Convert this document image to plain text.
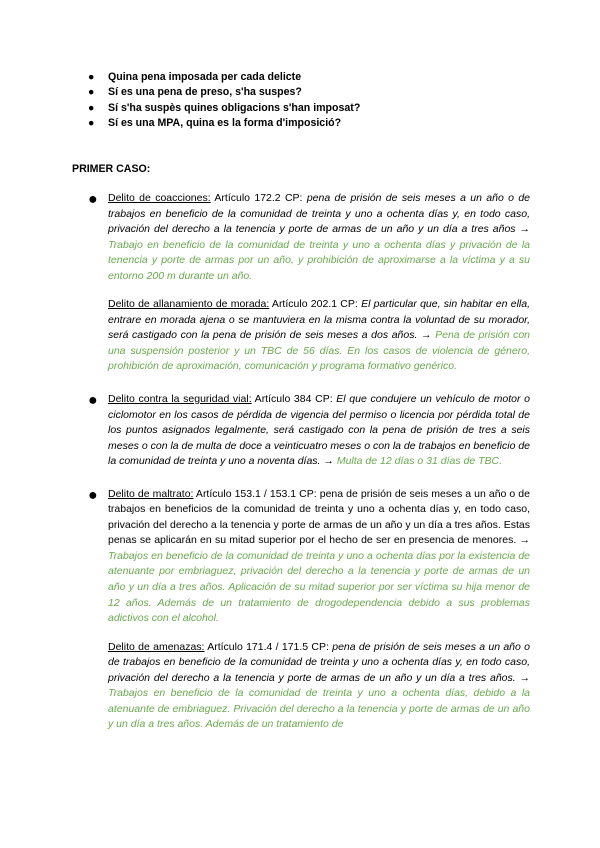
● Quina pena imposada per cada delicte
● Sí es una pena de preso, s'ha suspes?
● Sí s'ha suspès quines obligacions s'han imposat?
● Sí es una MPA, quina es la forma d'imposició?

PRIMER CASO:

● Delito de coacciones: Artículo 172.2 CP: pena de prisión de seis meses a un año o de trabajos en beneficio de la comunidad de treinta y uno a ochenta días y, en todo caso, privación del derecho a la tenencia y porte de armas de un año y un día a tres años → Trabajo en beneficio de la comunidad de treinta y uno a ochenta días y privación de la tenencia y porte de armas por un año, y prohibición de aproximarse a la víctima y a su entorno 200 m durante un año.

Delito de allanamiento de morada: Artículo 202.1 CP: El particular que, sin habitar en ella, entrare en morada ajena o se mantuviera en la misma contra la voluntad de su morador, será castigado con la pena de prisión de seis meses a dos años. → Pena de prisión con una suspensión posterior y un TBC de 56 días. En los casos de violencia de género, prohibición de aproximación, comunicación y programa formativo genérico.

● Delito contra la seguridad vial: Artículo 384 CP: El que condujere un vehículo de motor o ciclomotor en los casos de pérdida de vigencia del permiso o licencia por pérdida total de los puntos asignados legalmente, será castigado con la pena de prisión de tres a seis meses o con la de multa de doce a veinticuatro meses o con la de trabajos en beneficio de la comunidad de treinta y uno a noventa días. → Multa de 12 días o 31 días de TBC.

● Delito de maltrato: Artículo 153.1 / 153.1 CP: pena de prisión de seis meses a un año o de trabajos en beneficios de la comunidad de treinta y uno a ochenta días y, en todo caso, privación del derecho a la tenencia y porte de armas de un año y un día a tres años. Estas penas se aplicarán en su mitad superior por el hecho de ser en presencia de menores. → Trabajos en beneficio de la comunidad de treinta y uno a ochenta días por la existencia de atenuante por embriaguez, privación del derecho a la tenencia y porte de armas de un año y un día a tres años. Aplicación de su mitad superior por ser víctima su hija menor de 12 años. Además de un tratamiento de drogodependencia debido a sus problemas adictivos con el alcohol.

Delito de amenazas: Artículo 171.4 / 171.5 CP: pena de prisión de seis meses a un año o de trabajos en beneficio de la comunidad de treinta y uno a ochenta días y, en todo caso, privación del derecho a la tenencia y porte de armas de un año y un día a tres años. → Trabajos en beneficio de la comunidad de treinta y uno a ochenta días, debido a la atenuante de embriaguez. Privación del derecho a la tenencia y porte de armas de un año y un día a tres años. Además de un tratamiento de
